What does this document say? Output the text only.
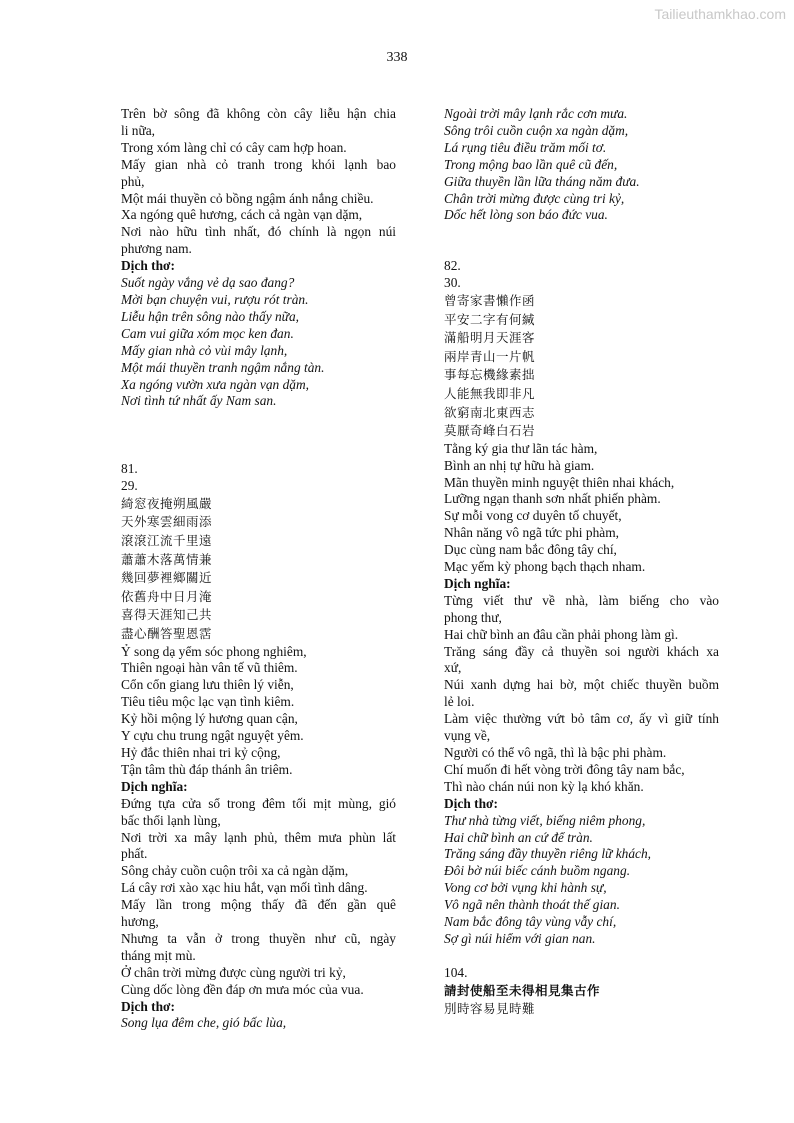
Tailieuthamkhao.com
338
Trên bờ sông đã không còn cây liễu hận chia
li nữa,
Trong xóm làng chỉ có cây cam hợp hoan.
Mấy gian nhà cỏ tranh trong khói lạnh bao
phủ,
Một mái thuyền cỏ bồng ngậm ánh nắng chiều.
Xa ngóng quê hương, cách cả ngàn vạn dặm,
Nơi nào hữu tình nhất, đó chính là ngọn núi
phương nam.
Dịch thơ:
Suốt ngày vắng vẻ dạ sao đang?
Mời bạn chuyện vui, rượu rót tràn.
Liễu hận trên sông nào thấy nữa,
Cam vui giữa xóm mọc ken đan.
Mấy gian nhà cỏ vùi mây lạnh,
Một mái thuyền tranh ngậm nắng tàn.
Xa ngóng vườn xưa ngàn vạn dặm,
Nơi tình tứ nhất ấy Nam san.
81.
29.
綺窓夜掩朔風嚴
天外寒雲細雨添
滾滾江流千里遠
蕭蕭木落萬情兼
幾回夢裡鄉關近
依舊舟中日月淹
喜得天涯知己共
盡心酬答聖恩霑
Ỷ song dạ yểm sóc phong nghiêm,
Thiên ngoại hàn vân tế vũ thiêm.
Cổn cổn giang lưu thiên lý viễn,
Tiêu tiêu mộc lạc vạn tình kiêm.
Kỷ hồi mộng lý hương quan cận,
Y cựu chu trung ngật nguyệt yêm.
Hỷ đắc thiên nhai tri kỷ cộng,
Tận tâm thù đáp thánh ân triêm.
Dịch nghĩa:
Đứng tựa cửa sổ trong đêm tối mịt mùng, gió
bấc thổi lạnh lùng,
Nơi trời xa mây lạnh phủ, thêm mưa phùn lất
phất.
Sông chảy cuồn cuộn trôi xa cả ngàn dặm,
Lá cây rơi xào xạc hiu hắt, vạn mối tình dâng.
Mấy lần trong mộng thấy đã đến gần quê
hương,
Nhưng ta vẫn ở trong thuyền như cũ, ngày
tháng mịt mù.
Ở chân trời mừng được cùng người tri kỷ,
Cùng dốc lòng đền đáp ơn mưa móc của vua.
Dịch thơ:
Song lụa đêm che, gió bấc lùa,
Ngoài trời mây lạnh rắc cơn mưa.
Sông trôi cuồn cuộn xa ngàn dặm,
Lá rụng tiêu điều trăm mối tơ.
Trong mộng bao lần quê cũ đến,
Giữa thuyền lần lữa tháng năm đưa.
Chân trời mừng được cùng tri kỷ,
Dốc hết lòng son báo đức vua.
82.
30.
曾寄家書懶作函
平安二字有何緘
滿船明月天涯客
兩岸青山一片帆
事每忘機緣素拙
人能無我即非凡
欲窮南北東西志
莫厭奇峰白石岩
Tằng ký gia thư lãn tác hàm,
Bình an nhị tự hữu hà giam.
Mãn thuyền minh nguyệt thiên nhai khách,
Lưỡng ngạn thanh sơn nhất phiến phàm.
Sự mỗi vong cơ duyên tố chuyết,
Nhân năng vô ngã tức phi phàm,
Dục cùng nam bắc đông tây chí,
Mạc yếm kỳ phong bạch thạch nham.
Dịch nghĩa:
Từng viết thư về nhà, làm biếng cho vào
phong thư,
Hai chữ bình an đâu cần phải phong làm gì.
Trăng sáng đầy cả thuyền soi người khách xa
xứ,
Núi xanh dựng hai bờ, một chiếc thuyền buồm
lẻ loi.
Làm việc thường vứt bỏ tâm cơ, ấy vì giữ tính
vụng về,
Người có thể vô ngã, thì là bậc phi phàm.
Chí muốn đi hết vòng trời đông tây nam bắc,
Thì nào chán núi non kỳ lạ khó khăn.
Dịch thơ:
Thư nhà từng viết, biếng niêm phong,
Hai chữ bình an cứ để tràn.
Trăng sáng đầy thuyền riêng lữ khách,
Đôi bờ núi biếc cánh buồm ngang.
Vong cơ bởi vụng khi hành sự,
Vô ngã nên thành thoát thế gian.
Nam bắc đông tây vùng vẫy chí,
Sợ gì núi hiểm với gian nan.
104.
請封使船至未得相見集古作
別時容易見時難
